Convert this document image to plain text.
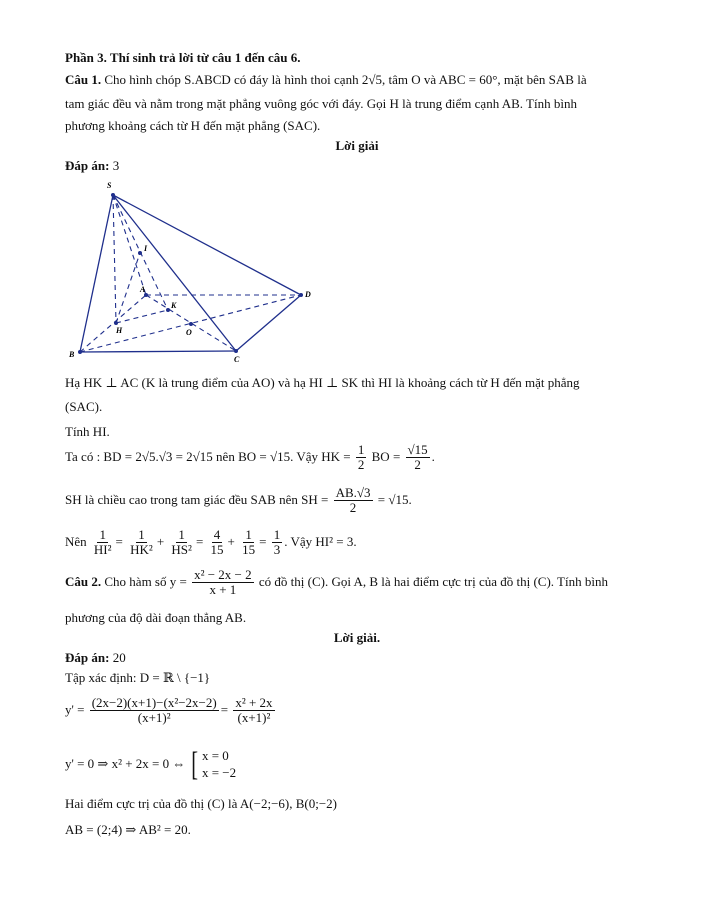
Phần 3. Thí sinh trả lời từ câu 1 đến câu 6.
Câu 1. Cho hình chóp S.ABCD có đáy là hình thoi cạnh 2√5, tâm O và ABC = 60°, mặt bên SAB là
tam giác đều và nằm trong mặt phẳng vuông góc với đáy. Gọi H là trung điểm cạnh AB. Tính bình
phương khoảng cách từ H đến mặt phẳng (SAC).
Lời giải
Đáp án: 3
S
I
A
K
D
H	O
B
C
Hạ HK ⊥ AC (K là trung điểm của AO) và hạ HI ⊥ SK thì HI là khoảng cách từ H đến mặt phẳng
(SAC).
Tính HI.
Ta có : BD = 2√5.√3 = 2√15 nên BO = √15. Vậy HK = $\frac{1}{2}$ BO = $\frac{√15}{2}$ .
SH là chiều cao trong tam giác đều SAB nên SH = $\frac{AB.√3}{2} = √15$.
Nên $\frac{1}{\text{HI²}} = \frac{1}{\text{HK²}} + \frac{1}{\text{HS²}} = \frac{4}{15} + \frac{1}{15} = \frac{1}{3}$ . Vậy HI² = 3.
Câu 2. Cho hàm số $y = \frac{\text{x² − 2x − 2}}{x + 1}$ có đồ thị (C). Gọi A, B là hai điểm cực trị của đồ thị (C). Tính bình
phương của độ dài đoạn thẳng AB.
Lời giải.
Đáp án: 20
Tập xác định: D = ℝ \ {−1}
$y' = \frac{\text{(2x−2)(x+1)−(x²−2x−2)}}{\text{(x+1)²}} = \frac{\text{x² + 2x}}{\text{(x+1)²}}$
y' = 0 ⇒ x² + 2x = 0 ⇔ [ x = 0
x = −2
Hai điểm cực trị của đồ thị (C) là A(−2;−6), B(0;−2)
AB = (2;4) ⇒ AB² = 20.
